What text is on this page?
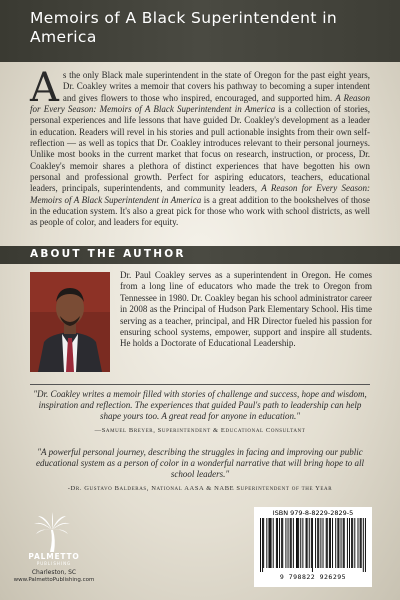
Memoirs of A Black Superintendent in America
As the only Black male superintendent in the state of Oregon for the past eight years, Dr. Coakley writes a memoir that covers his pathway to becoming a super intendent and gives flowers to those who inspired, encouraged, and supported him. A Reason for Every Season: Memoirs of A Black Superintendent in America is a collection of stories, personal experiences and life lessons that have guided Dr. Coakley's development as a leader in education. Readers will revel in his stories and pull actionable insights from their own self-reflection — as well as topics that Dr. Coakley introduces relevant to their personal journeys. Unlike most books in the current market that focus on research, instruction, or process, Dr. Coakley's memoir shares a plethora of distinct experiences that have begotten his own personal and professional growth. Perfect for aspiring educators, teachers, educational leaders, principals, superintendents, and community leaders, A Reason for Every Season: Memoirs of A Black Superintendent in America is a great addition to the bookshelves of those in the education system. It's also a great pick for those who work with school districts, as well as people of color, and leaders for equity.
ABOUT THE AUTHOR
Dr. Paul Coakley serves as a superintendent in Oregon. He comes from a long line of educators who made the trek to Oregon from Tennessee in 1980. Dr. Coakley began his school administrator career in 2008 as the Principal of Hudson Park Elementary School. His time serving as a teacher, principal, and HR Director fueled his passion for ensuring school systems, empower, support and inspire all students. He holds a Doctorate of Educational Leadership.
"Dr. Coakley writes a memoir filled with stories of challenge and success, hope and wisdom, inspiration and reflection. The experiences that guided Paul's path to leadership can help shape yours too. A great read for anyone in education."
—Samuel Breyer, Superintendent & Educational Consultant
"A powerful personal journey, describing the struggles in facing and improving our public educational system as a person of color in a wonderful narrative that will bring hope to all school leaders."
-Dr. Gustavo Balderas, National AASA & NABE Superintendent of the Year
PALMETTO
PUBLISHING
Charleston, SC
www.PalmettoPublishing.com
ISBN 979-8-8229-2829-5
9 798822 926295
